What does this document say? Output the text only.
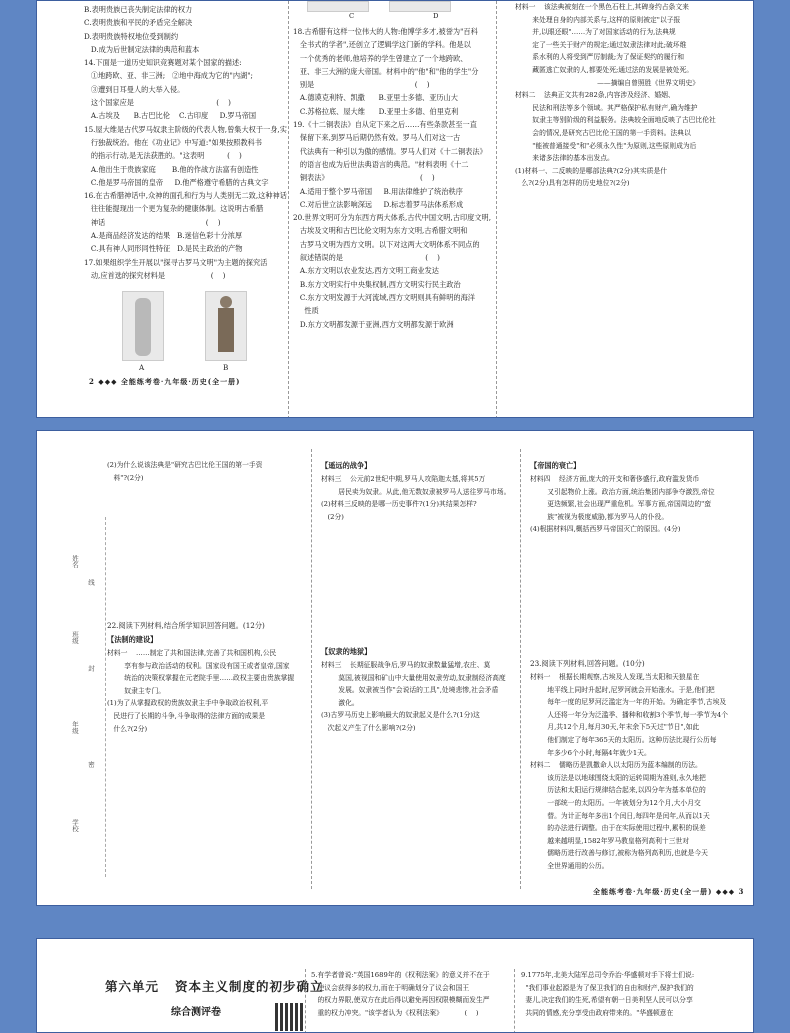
B.表明贵族已丧失制定法律的权力

C.表明贵族和平民的矛盾完全解决

D.表明贵族特权地位受到制约

D.成为后世制定法律的典范和蓝本

14.下面是一道历史知识竞赛题对某个国家的描述:

①地跨欧、亚、非三洲;   ②地中海成为它的"内湖";

③遭到日耳曼人的大举入侵。

这个国家应是                                    (    )

A.古埃及      B.古巴比伦    C.古印度     D.罗马帝国

15.屋大维是古代罗马奴隶主阶级的代表人物,曾集大权于一身,实

行独裁统治。他在《功业记》中写道:"如果按照教科书

的指示行动,是无法获胜的。"这表明          (    )

A.他出生于贵族家庭       B.他的作战方法富有创造性

C.他是罗马帝国的皇帝     D.他严格遵守希腊的古典文字

16.在古希腊神话中,众神的面孔和行为与人类别无二致,这种神话

往往能提现出一个更为复杂的健康体制。这说明古希腊

神话                                            (    )

A.是商品经济发达的结果   B.迷信色彩十分浓厚

C.具有神人同形同性特征   D.是民主政治的产物

17.如果组织学生开展以"探寻古罗马文明"为主题的探究活

动,应首选的探究材料是                    (    )

A	B
C	D

18.古希腊有这样一位伟大的人物:他博学多才,被誉为"百科

全书式的学者",还创立了逻辑学这门新的学科。他是以

一个优秀的老师,他培养的学生曾建立了一个地跨欧、

亚、非三大洲的庞大帝国。材料中的"他"和"他的学生"分

别是                                            (    )

A.德谟克利特、凯撒      B.亚里士多德、亚历山大

C.苏格拉底、屋大维      D.亚里士多德、伯里克利

19.《十二铜表法》自从定下来之后……有些条款甚至一直

保留下来,到罗马后期仍然有效。罗马人们对这一古

代法典有一种引以为傲的感情。罗马人们对《十二铜表法》

的语言也成为后世法典语言的典范。"材料表明《十二

铜表法》                                        (    )

A.适用于整个罗马帝国     B.用法律维护了统治秩序

C.对后世立法影响深远     D.标志着罗马法体系形成

20.世界文明可分为东西方两大体系,古代中国文明,古印度文明,

古埃及文明和古巴比伦文明为东方文明,古希腊文明和

古罗马文明为西方文明。以下对这两大文明体系不同点的

叙述错误的是                                    (    )

A.东方文明以农业发达,西方文明工商业发达

B.东方文明实行中央集权制,西方文明实行民主政治

C.东方文明发源于大河流域,西方文明则具有鲜明的海洋

性质

D.东方文明都发源于亚洲,西方文明都发源于欧洲

材料一    该法典被刻在一个黑色石柱上,其碑身约占条文来

来处理自身的内部关系与,这样的原则被定"以子报

并,以眼还眼"……为了对国家活动的行为,法典规

定了一些关于财产的规定;通过奴隶法律对此;破坏维

系水利的人将受到严厉制裁;为了保证契约的履行和

藏匿逃亡奴隶的人,都要处死;通过法的发展是被处死。

——摘编自曾照胜《世界文明史》

材料二    法典正文共有282条,内容涉及经济、婚姻、

民法和刑法等多个领域。其严格保护私有财产,确为维护

奴隶主等别阶级的利益服务。法典较全面地反映了古巴比伦社

会的情况,是研究古巴比伦王国的第一手资料。法典以

"能被普通接受"和"必须永久性"为原则,这些原则成为后

来诸多法律的基本出发点。

(1)材料一、二反映的是哪部法典?(2分)其实质是什

么?(2分)具有怎样的历史地位?(2分)

2 ◆◆◆ 全能练考卷·九年级·历史(全一册)
姓名
线
班级
封
年级
密
学校

(2)为什么说该法典是"研究古巴比伦王国的第一手资

料"?(2分)

22.阅读下列材料,结合所学知识回答问题。(12分)
【法制的建设】

材料一    ……制定了共和国法律,完善了共和国机构,公民

享有参与政治活动的权利。国家设有国王或者皇帝,国家

统治的决策权掌握在元老院手里……政权主要由贵族掌握

奴隶主专门。

(1)为了从掌握政权的贵族奴隶主手中争取政治权利,平

民进行了长期的斗争,斗争取得的法律方面的成果是

什么?(2分)

【遥远的战争】

材料三    公元前2世纪中期,罗马人攻陷迦太基,将其5万

居民卖为奴隶。从此,他无数奴隶被罗马人送往罗马市场。

(2)材料三反映的是哪一历史事件?(1分)其结果怎样?

(2分)

【奴隶的地狱】

材料三    长期征服战争后,罗马的奴隶数量猛增,农庄、莫

莫国,被视国和矿山中大量使用奴隶劳动,奴隶制经济高度

发展。奴隶被当作"会说话的工具",处境悲惨,社会矛盾

激化。

(3)古罗马历史上影响最大的奴隶起义是什么?(1分)这

次起义产生了什么影响?(2分)

【帝国的衰亡】

材料四    经济方面,庞大的开支和奢侈盛行,政府滥发货币

又引起物价上涨。政治方面,统治集团内部争夺激烈,帝位

更迭频繁,社会出现严重危机。军事方面,帝国周边的"蛮

族"被视为极度威胁,都为罗马人的仆役。

(4)根据材料四,概括西罗马帝国灭亡的原因。(4分)

23.阅读下列材料,回答问题。(10分)

材料一    根据长期观察,古埃及人发现,当太阳和天狼星在

地平线上同时升起时,尼罗河就会开始涨水。于是,他们把

每年一度的尼罗河泛滥定为一年的开始。为确定季节,古埃及

人还将一年分为泛滥季、播种和收割3个季节,每一季节为4个

月,共12个月,每月30天,年末余下5天过"节日",如此

他们制定了每年365天的太阳历。这种历法比现行公历每

年多少6个小时,每隔4年就少1天。

材料二    儒略历是凯撒命人以太阳历为蓝本编制的历法。

该历法是以地球围绕太阳的运转周期为准则,永久地把

历法和太阳运行规律结合起来,以四分年为基本单位的

一部统一的太阳历。一年被划分为12个月,大小月交

替。为计正每年多出1个闰日,每四年是闰年,从而以1天

的办法进行调整。由于在实际使用过程中,累积的误差

越来越明显,1582年罗马教皇格列高利十三世对

儒略历进行改善与修订,被称为格列高利历,也就是今天

全世界通用的公历。

全能练考卷·九年级·历史(全一册) ◆◆◆ 3
第六单元   资本主义制度的初步确立
综合测评卷

5.有学者曾说:"英国1689年的《权利法案》的意义并不在于

使议会获得多的权力,而在于明确划分了议会和国王

的权力界限,使双方在此后得以避免再因权限模糊而发生严

重的权力冲突。"该学者认为《权利法案》          (    )

9.1775年,北美大陆军总司令乔治·华盛顿对手下将士们说:

"我们事业起源是为了保卫我们的自由和财产,保护我们的

妻儿,决定我们的生死,希望有朝一日美利坚人民可以分享

共同的情感,充分享受由政府带来的。"华盛顿意在
